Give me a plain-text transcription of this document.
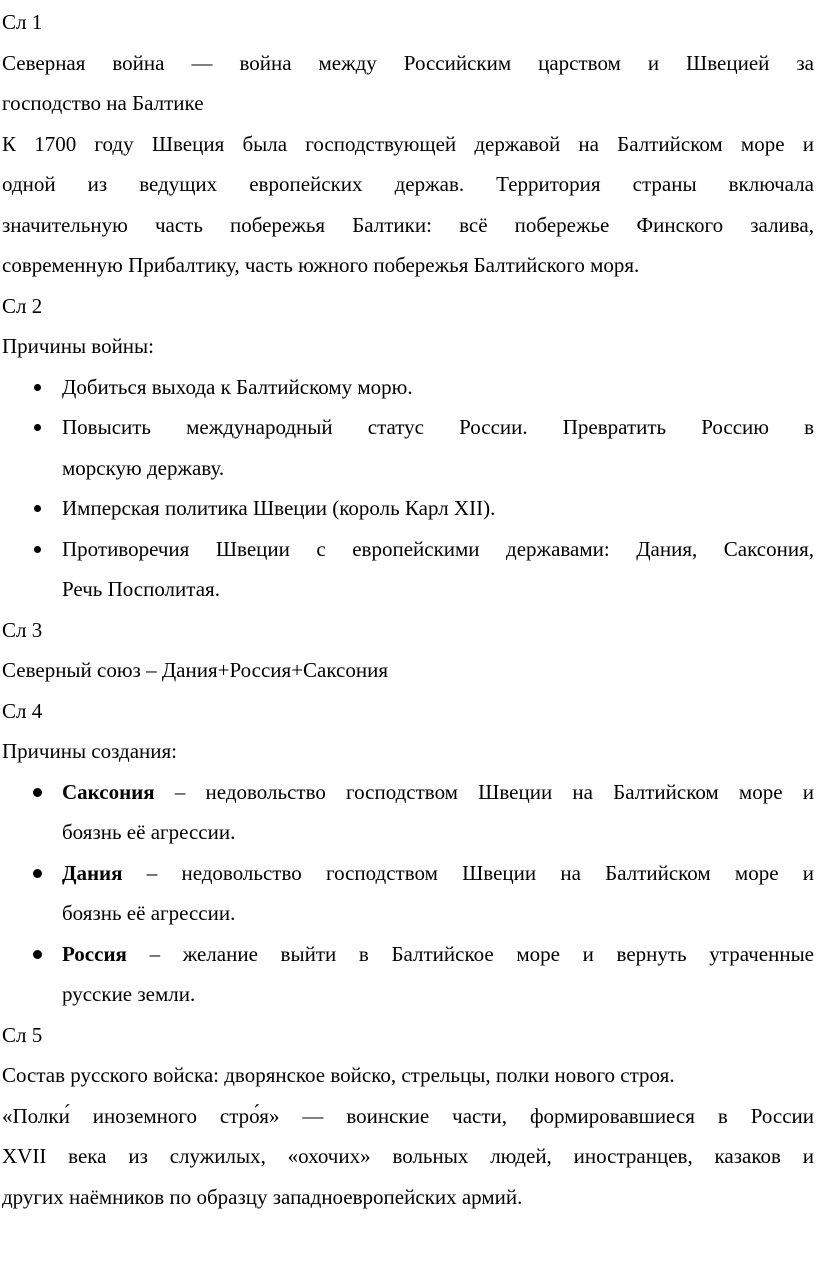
Сл 1

Северная война — война между Российским царством и Швецией за
господство на Балтике
К 1700 году Швеция была господствующей державой на Балтийском море и
одной из ведущих европейских держав. Территория страны включала
значительную часть побережья Балтики: всё побережье Финского залива,
современную Прибалтику, часть южного побережья Балтийского моря.

Сл 2

Причины войны:

Добиться выхода к Балтийскому морю.
Повысить международный статус России. Превратить Россию в
морскую державу.
Имперская политика Швеции (король Карл XII).
Противоречия Швеции с европейскими державами: Дания, Саксония,
Речь Посполитая.

Сл 3

Северный союз – Дания+Россия+Саксония

Сл 4

Причины создания:

Саксония – недовольство господством Швеции на Балтийском море и
боязнь её агрессии.
Дания – недовольство господством Швеции на Балтийском море и
боязнь её агрессии.
Россия – желание выйти в Балтийское море и вернуть утраченные
русские земли.

Сл 5

Состав русского войска: дворянское войско, стрельцы, полки нового строя.

«Полки́ иноземного стро́я» — воинские части, формировавшиеся в России
XVII века из служилых, «охочих» вольных людей, иностранцев, казаков и
других наёмников по образцу западноевропейских армий.
